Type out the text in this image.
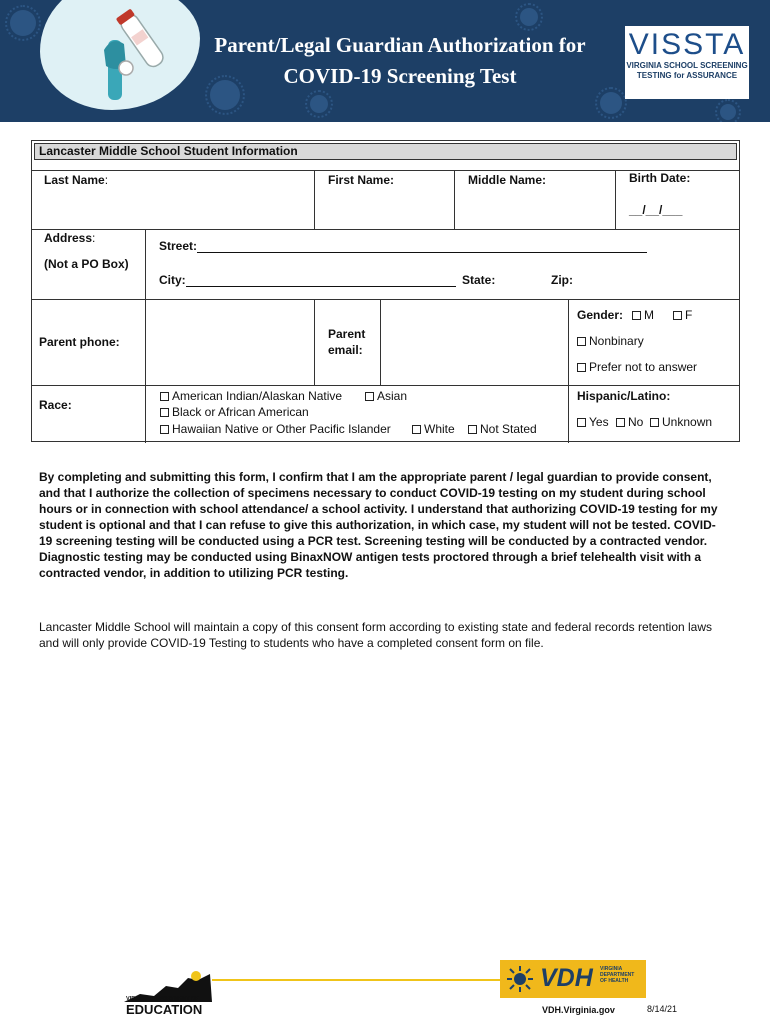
Parent/Legal Guardian Authorization for
COVID-19 Screening Test
VISSTA
VIRGINIA SCHOOL SCREENING
TESTING for ASSURANCE
Lancaster Middle School Student Information
Last Name:	First Name:	Middle Name:	Birth Date:
__/__/___
Address:
(Not a PO Box)
Street:
City:	State:	Zip:
Parent phone:
Parent
email:
Gender:	M	F
Nonbinary
Prefer not to answer
Race:
American Indian/Alaskan Native	Asian
Black or African American
Hawaiian Native or Other Pacific Islander	White	Not Stated
Hispanic/Latino:
Yes	No	Unknown
By completing and submitting this form, I confirm that I am the appropriate parent / legal guardian to provide consent, and that I authorize the collection of specimens necessary to conduct COVID-19 testing on my student during school hours or in connection with school attendance/ a school activity. I understand that authorizing COVID-19 testing for my student is optional and that I can refuse to give this authorization, in which case, my student will not be tested. COVID-19 screening testing will be conducted using a PCR test. Screening testing will be conducted by a contracted vendor. Diagnostic testing may be conducted using BinaxNOW antigen tests proctored through a brief telehealth visit with a contracted vendor, in addition to utilizing PCR testing.
Lancaster Middle School will maintain a copy of this consent form according to existing state and federal records retention laws and will only provide COVID-19 Testing to students who have a completed consent form on file.
VIRGINIA DEPARTMENT OF
EDUCATION
VDH VIRGINIA
DEPARTMENT
OF HEALTH
VDH.Virginia.gov	8/14/21
